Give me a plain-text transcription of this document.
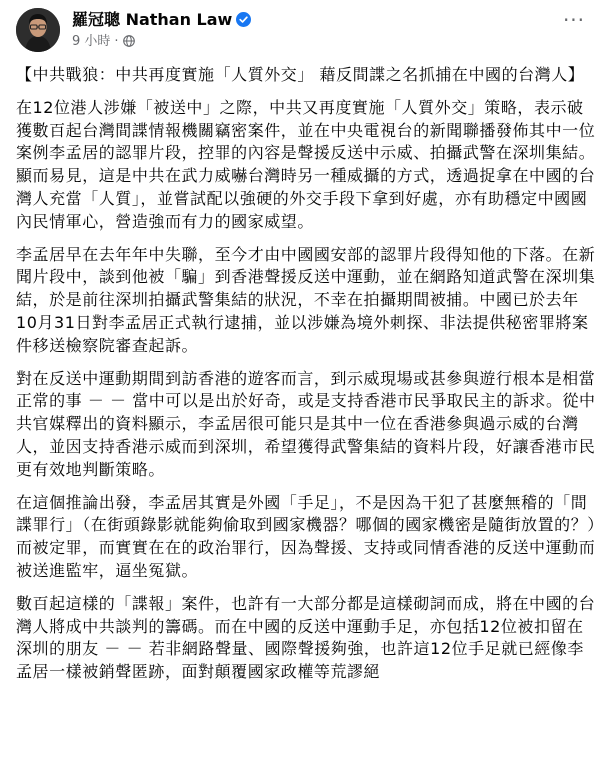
羅冠聰 Nathan Law
9 小時 ·
···

【中共戰狼：中共再度實施「人質外交」 藉反間諜之名抓捕在中國的台灣人】

在12位港人涉嫌「被送中」之際，中共又再度實施「人質外交」策略，表示破獲數百起台灣間諜情報機關竊密案件，並在中央電視台的新聞聯播發佈其中一位案例李孟居的認罪片段，控罪的內容是聲援反送中示威、拍攝武警在深圳集結。顯而易見，這是中共在武力威嚇台灣時另一種威攝的方式，透過捉拿在中國的台灣人充當「人質」，並嘗試配以強硬的外交手段下拿到好處，亦有助穩定中國國內民情軍心，營造強而有力的國家威望。

李孟居早在去年年中失聯，至今才由中國國安部的認罪片段得知他的下落。在新聞片段中，談到他被「騙」到香港聲援反送中運動，並在網路知道武警在深圳集結，於是前往深圳拍攝武警集結的狀況，不幸在拍攝期間被捕。中國已於去年10月31日對李孟居正式執行逮捕，並以涉嫌為境外刺探、非法提供秘密罪將案件移送檢察院審查起訴。

對在反送中運動期間到訪香港的遊客而言，到示威現場或甚參與遊行根本是相當正常的事 － － 當中可以是出於好奇，或是支持香港市民爭取民主的訴求。從中共官媒釋出的資料顯示，李孟居很可能只是其中一位在香港參與過示威的台灣人，並因支持香港示威而到深圳，希望獲得武警集結的資料片段，好讓香港市民更有效地判斷策略。

在這個推論出發，李孟居其實是外國「手足」，不是因為干犯了甚麼無稽的「間諜罪行」（在街頭錄影就能夠偷取到國家機器？哪個的國家機密是隨街放置的？）而被定罪，而實實在在的政治罪行，因為聲援、支持或同情香港的反送中運動而被送進監牢，逼坐冤獄。

數百起這樣的「諜報」案件，也許有一大部分都是這樣砌詞而成，將在中國的台灣人將成中共談判的籌碼。而在中國的反送中運動手足，亦包括12位被扣留在深圳的朋友 － － 若非網路聲量、國際聲援夠強，也許這12位手足就已經像李孟居一樣被銷聲匿跡，面對顛覆國家政權等荒謬絕
